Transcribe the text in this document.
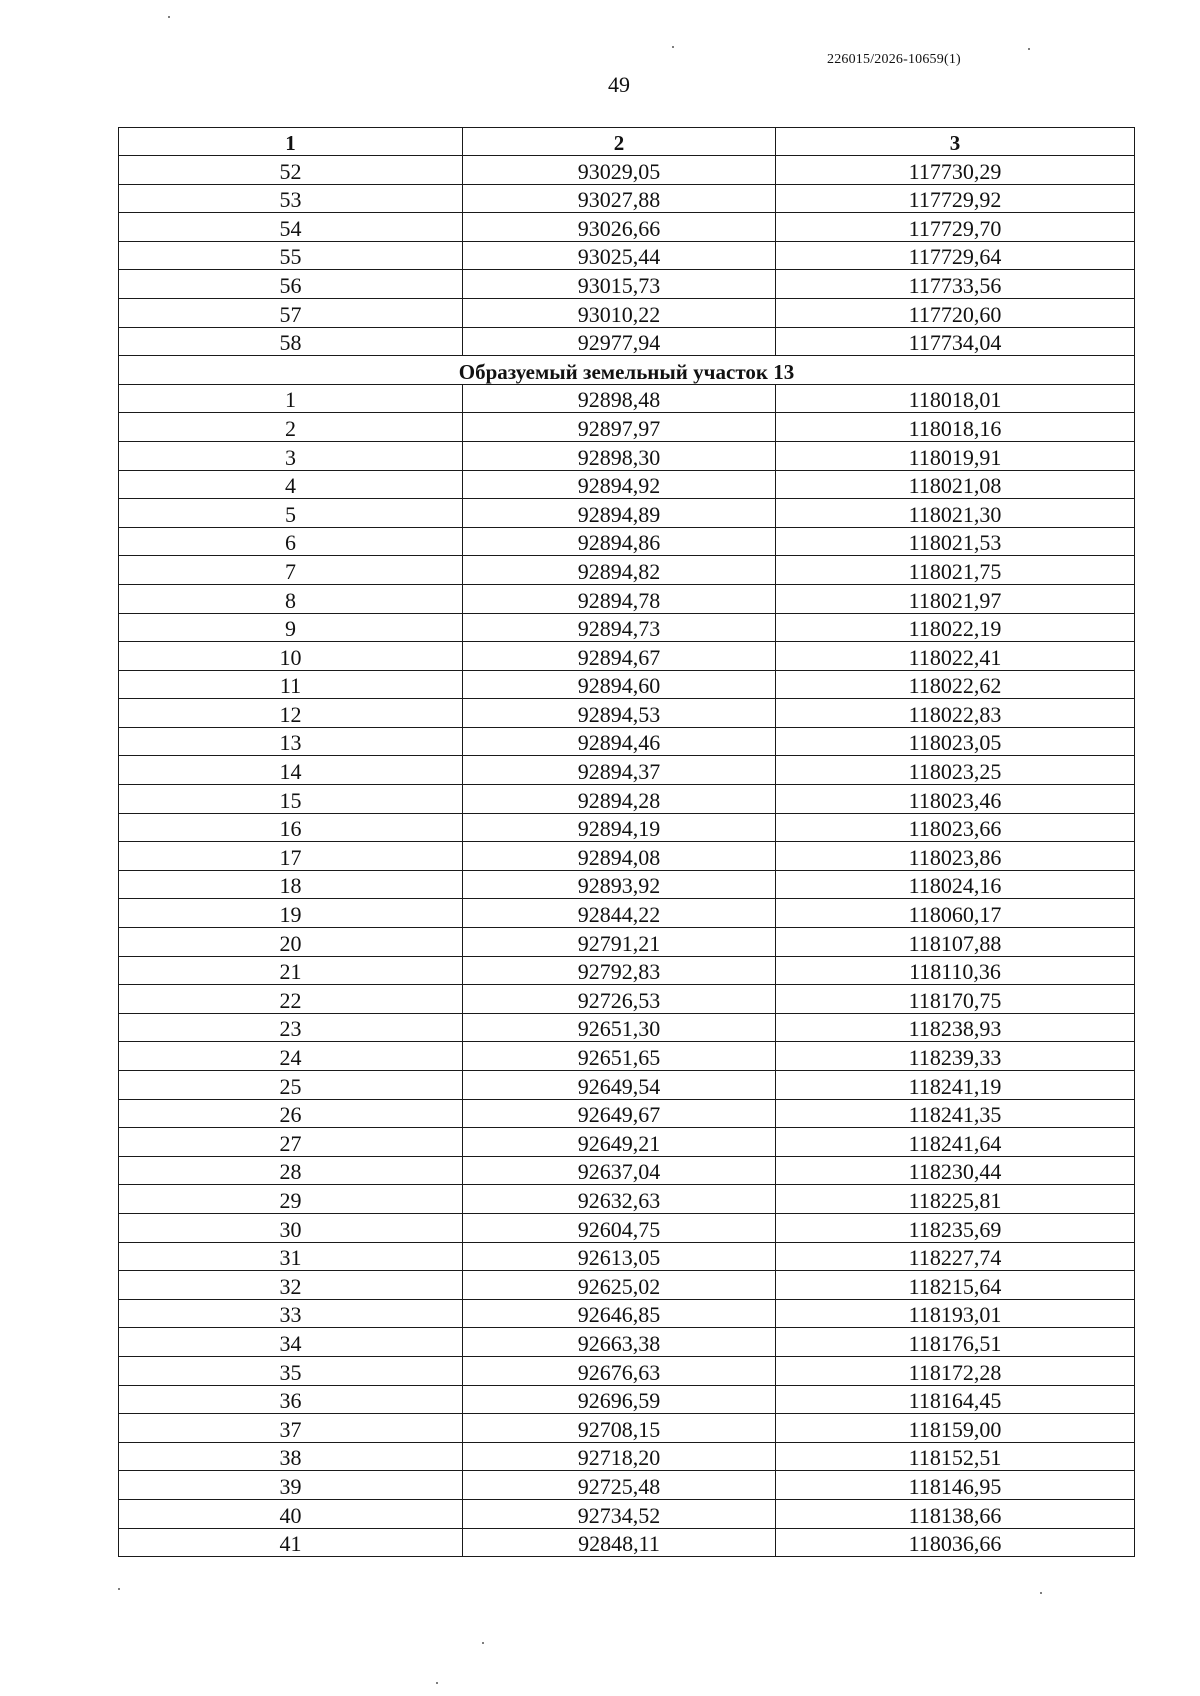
226015/2026-10659(1)
49
1	2	3
52	93029,05	117730,29
53	93027,88	117729,92
54	93026,66	117729,70
55	93025,44	117729,64
56	93015,73	117733,56
57	93010,22	117720,60
58	92977,94	117734,04
Образуемый земельный участок 13		
1	92898,48	118018,01
2	92897,97	118018,16
3	92898,30	118019,91
4	92894,92	118021,08
5	92894,89	118021,30
6	92894,86	118021,53
7	92894,82	118021,75
8	92894,78	118021,97
9	92894,73	118022,19
10	92894,67	118022,41
11	92894,60	118022,62
12	92894,53	118022,83
13	92894,46	118023,05
14	92894,37	118023,25
15	92894,28	118023,46
16	92894,19	118023,66
17	92894,08	118023,86
18	92893,92	118024,16
19	92844,22	118060,17
20	92791,21	118107,88
21	92792,83	118110,36
22	92726,53	118170,75
23	92651,30	118238,93
24	92651,65	118239,33
25	92649,54	118241,19
26	92649,67	118241,35
27	92649,21	118241,64
28	92637,04	118230,44
29	92632,63	118225,81
30	92604,75	118235,69
31	92613,05	118227,74
32	92625,02	118215,64
33	92646,85	118193,01
34	92663,38	118176,51
35	92676,63	118172,28
36	92696,59	118164,45
37	92708,15	118159,00
38	92718,20	118152,51
39	92725,48	118146,95
40	92734,52	118138,66
41	92848,11	118036,66
